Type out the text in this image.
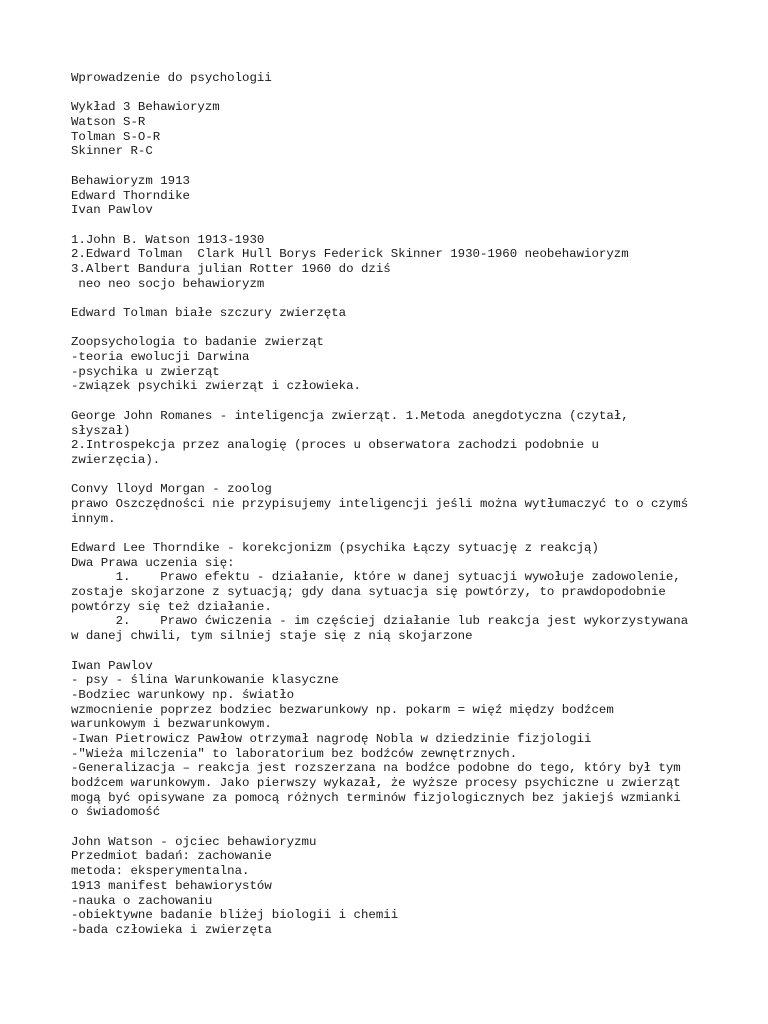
Wprowadzenie do psychologii
Wykład 3 Behawioryzm
Watson S-R
Tolman S-O-R
Skinner R-C
Behawioryzm 1913
Edward Thorndike
Ivan Pawlov
1.John B. Watson 1913-1930
2.Edward Tolman  Clark Hull Borys Federick Skinner 1930-1960 neobehawioryzm
3.Albert Bandura julian Rotter 1960 do dziś
neo neo socjo behawioryzm
Edward Tolman białe szczury zwierzęta
Zoopsychologia to badanie zwierząt
-teoria ewolucji Darwina
-psychika u zwierząt
-związek psychiki zwierząt i człowieka.
George John Romanes - inteligencja zwierząt. 1.Metoda anegdotyczna (czytał,
słyszał)
2.Introspekcja przez analogię (proces u obserwatora zachodzi podobnie u
zwierzęcia).
Convy lloyd Morgan - zoolog
prawo Oszczędności nie przypisujemy inteligencji jeśli można wytłumaczyć to o czymś
innym.
Edward Lee Thorndike - korekcjonizm (psychika Łączy sytuację z reakcją)
Dwa Prawa uczenia się:
1.    Prawo efektu - działanie, które w danej sytuacji wywołuje zadowolenie,
zostaje skojarzone z sytuacją; gdy dana sytuacja się powtórzy, to prawdopodobnie
powtórzy się też działanie.
2.    Prawo ćwiczenia - im częściej działanie lub reakcja jest wykorzystywana
w danej chwili, tym silniej staje się z nią skojarzone
Iwan Pawlov
- psy - ślina Warunkowanie klasyczne
-Bodziec warunkowy np. światło
wzmocnienie poprzez bodziec bezwarunkowy np. pokarm = więź między bodźcem
warunkowym i bezwarunkowym.
-Iwan Pietrowicz Pawłow otrzymał nagrodę Nobla w dziedzinie fizjologii
-"Wieża milczenia" to laboratorium bez bodźców zewnętrznych.
-Generalizacja – reakcja jest rozszerzana na bodźce podobne do tego, który był tym
bodźcem warunkowym. Jako pierwszy wykazał, że wyższe procesy psychiczne u zwierząt
mogą być opisywane za pomocą różnych terminów fizjologicznych bez jakiejś wzmianki
o świadomość
John Watson - ojciec behawioryzmu
Przedmiot badań: zachowanie
metoda: eksperymentalna.
1913 manifest behawiorystów
-nauka o zachowaniu
-obiektywne badanie bliżej biologii i chemii
-bada człowieka i zwierzęta
